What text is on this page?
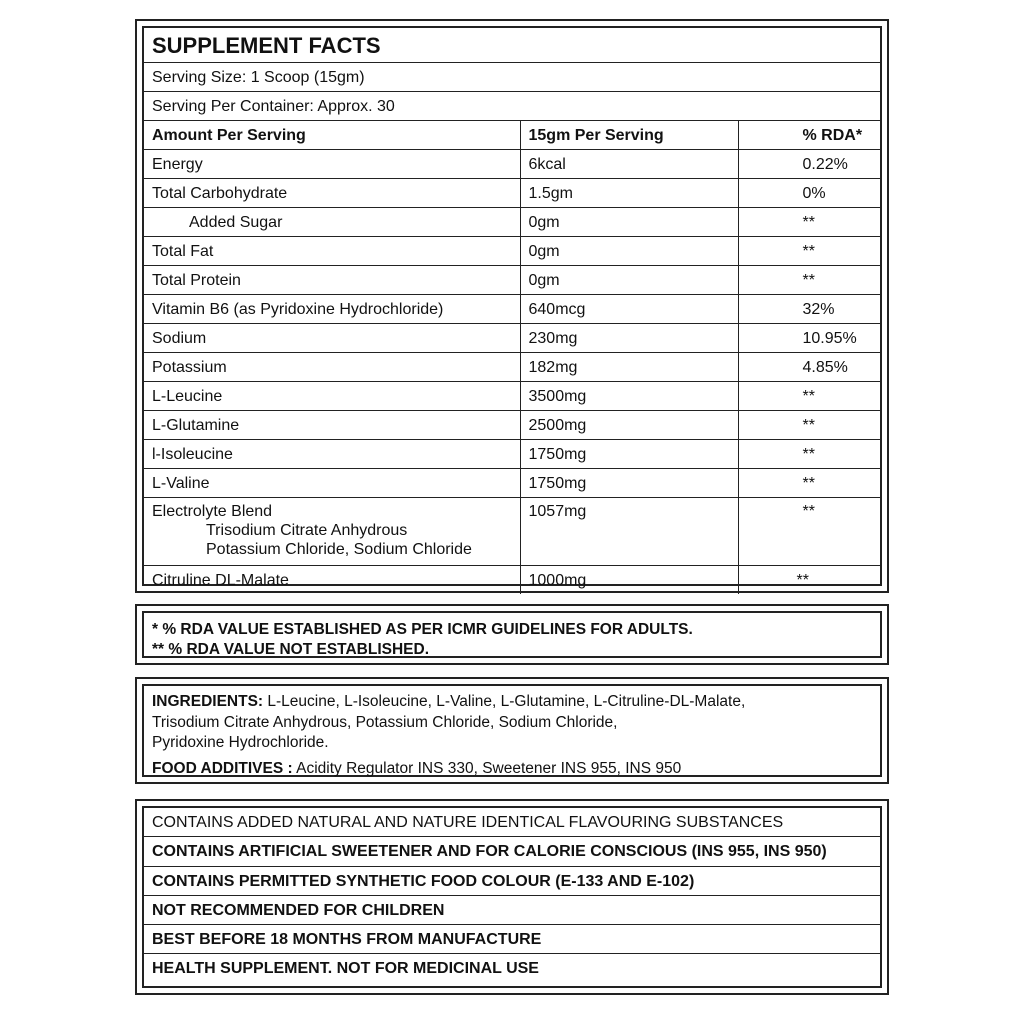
SUPPLEMENT FACTS		
Serving Size: 1 Scoop (15gm)		
Serving Per Container: Approx. 30		
Amount Per Serving	15gm Per Serving	% RDA*
Energy	6kcal	0.22%
Total Carbohydrate	1.5gm	0%
Added Sugar	0gm	**
Total Fat	0gm	**
Total Protein	0gm	**
Vitamin B6 (as Pyridoxine Hydrochloride)	640mcg	32%
Sodium	230mg	10.95%
Potassium	182mg	4.85%
L-Leucine	3500mg	**
L-Glutamine	2500mg	**
l-Isoleucine	1750mg	**
L-Valine	1750mg	**
Electrolyte Blend
Trisodium Citrate Anhydrous
Potassium Chloride, Sodium Chloride	1057mg	**
Citruline DL-Malate	1000mg	**
* % RDA VALUE ESTABLISHED AS PER ICMR GUIDELINES FOR ADULTS.
** % RDA VALUE NOT ESTABLISHED.
INGREDIENTS: L-Leucine, L-Isoleucine, L-Valine, L-Glutamine, L-Citruline-DL-Malate,
Trisodium Citrate Anhydrous, Potassium Chloride, Sodium Chloride,
Pyridoxine Hydrochloride.
FOOD ADDITIVES : Acidity Regulator INS 330, Sweetener INS 955, INS 950
CONTAINS ADDED NATURAL AND NATURE IDENTICAL FLAVOURING SUBSTANCES
CONTAINS ARTIFICIAL SWEETENER AND FOR CALORIE CONSCIOUS (INS 955, INS 950)
CONTAINS PERMITTED SYNTHETIC FOOD COLOUR (E-133 AND E-102)
NOT RECOMMENDED FOR CHILDREN
BEST BEFORE 18 MONTHS FROM MANUFACTURE
HEALTH SUPPLEMENT. NOT FOR MEDICINAL USE
